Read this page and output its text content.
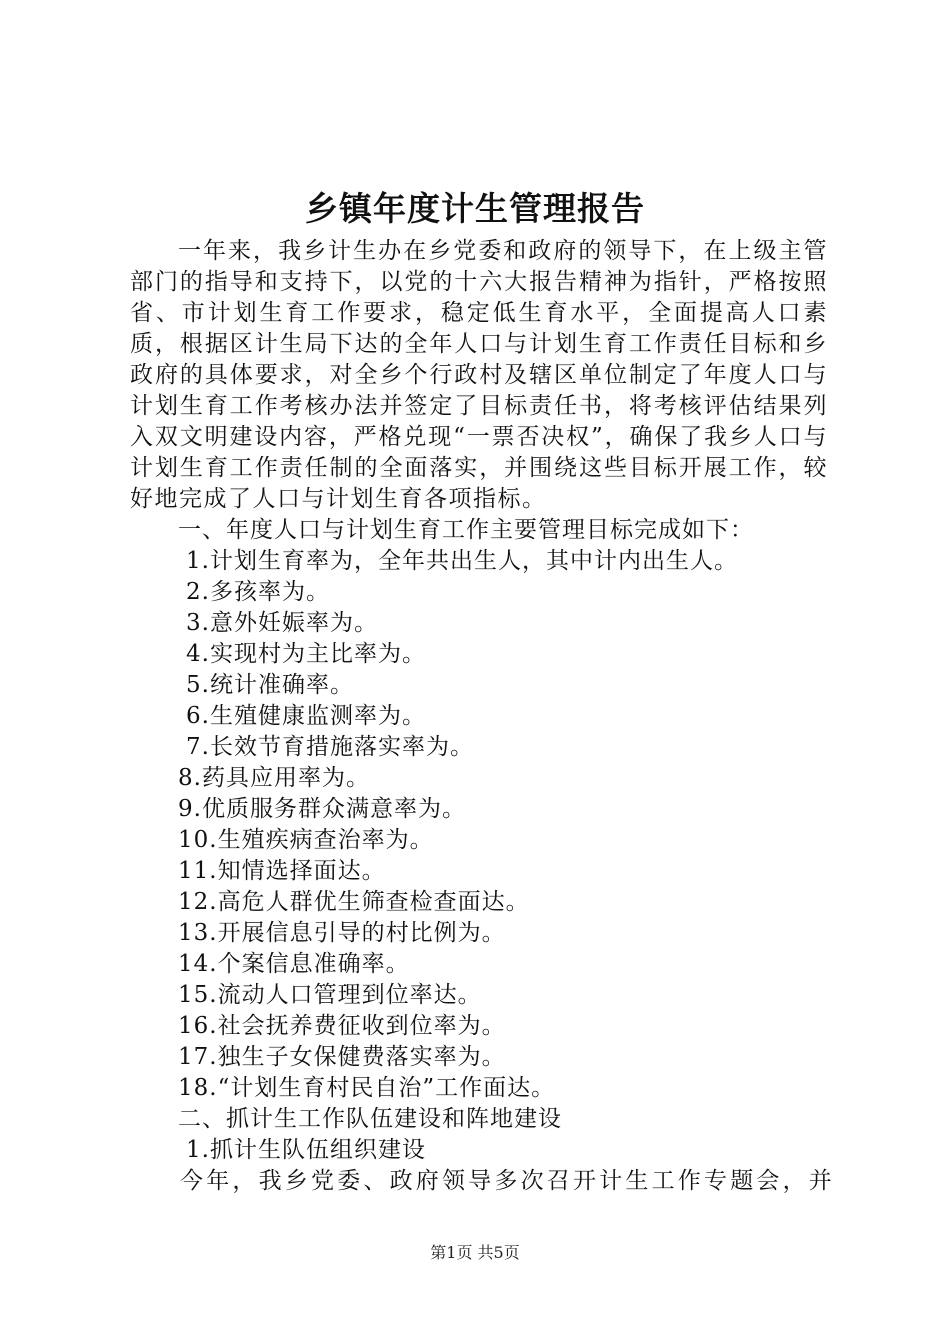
乡镇年度计生管理报告

一年来，我乡计生办在乡党委和政府的领导下，在上级主管部门的指导和支持下，以党的十六大报告精神为指针，严格按照省、市计划生育工作要求，稳定低生育水平，全面提高人口素质，根据区计生局下达的全年人口与计划生育工作责任目标和乡政府的具体要求，对全乡个行政村及辖区单位制定了年度人口与计划生育工作考核办法并签定了目标责任书，将考核评估结果列入双文明建设内容，严格兑现“一票否决权”，确保了我乡人口与计划生育工作责任制的全面落实，并围绕这些目标开展工作，较好地完成了人口与计划生育各项指标。

一、年度人口与计划生育工作主要管理目标完成如下：

1.计划生育率为，全年共出生人，其中计内出生人。

2.多孩率为。

3.意外妊娠率为。

4.实现村为主比率为。

5.统计准确率。

6.生殖健康监测率为。

7.长效节育措施落实率为。

8.药具应用率为。

9.优质服务群众满意率为。

10.生殖疾病查治率为。

11.知情选择面达。

12.高危人群优生筛查检查面达。

13.开展信息引导的村比例为。

14.个案信息准确率。

15.流动人口管理到位率达。

16.社会抚养费征收到位率为。

17.独生子女保健费落实率为。

18.“计划生育村民自治”工作面达。

二、抓计生工作队伍建设和阵地建设

1.抓计生队伍组织建设

今年，我乡党委、政府领导多次召开计生工作专题会，并

第1页 共5页
